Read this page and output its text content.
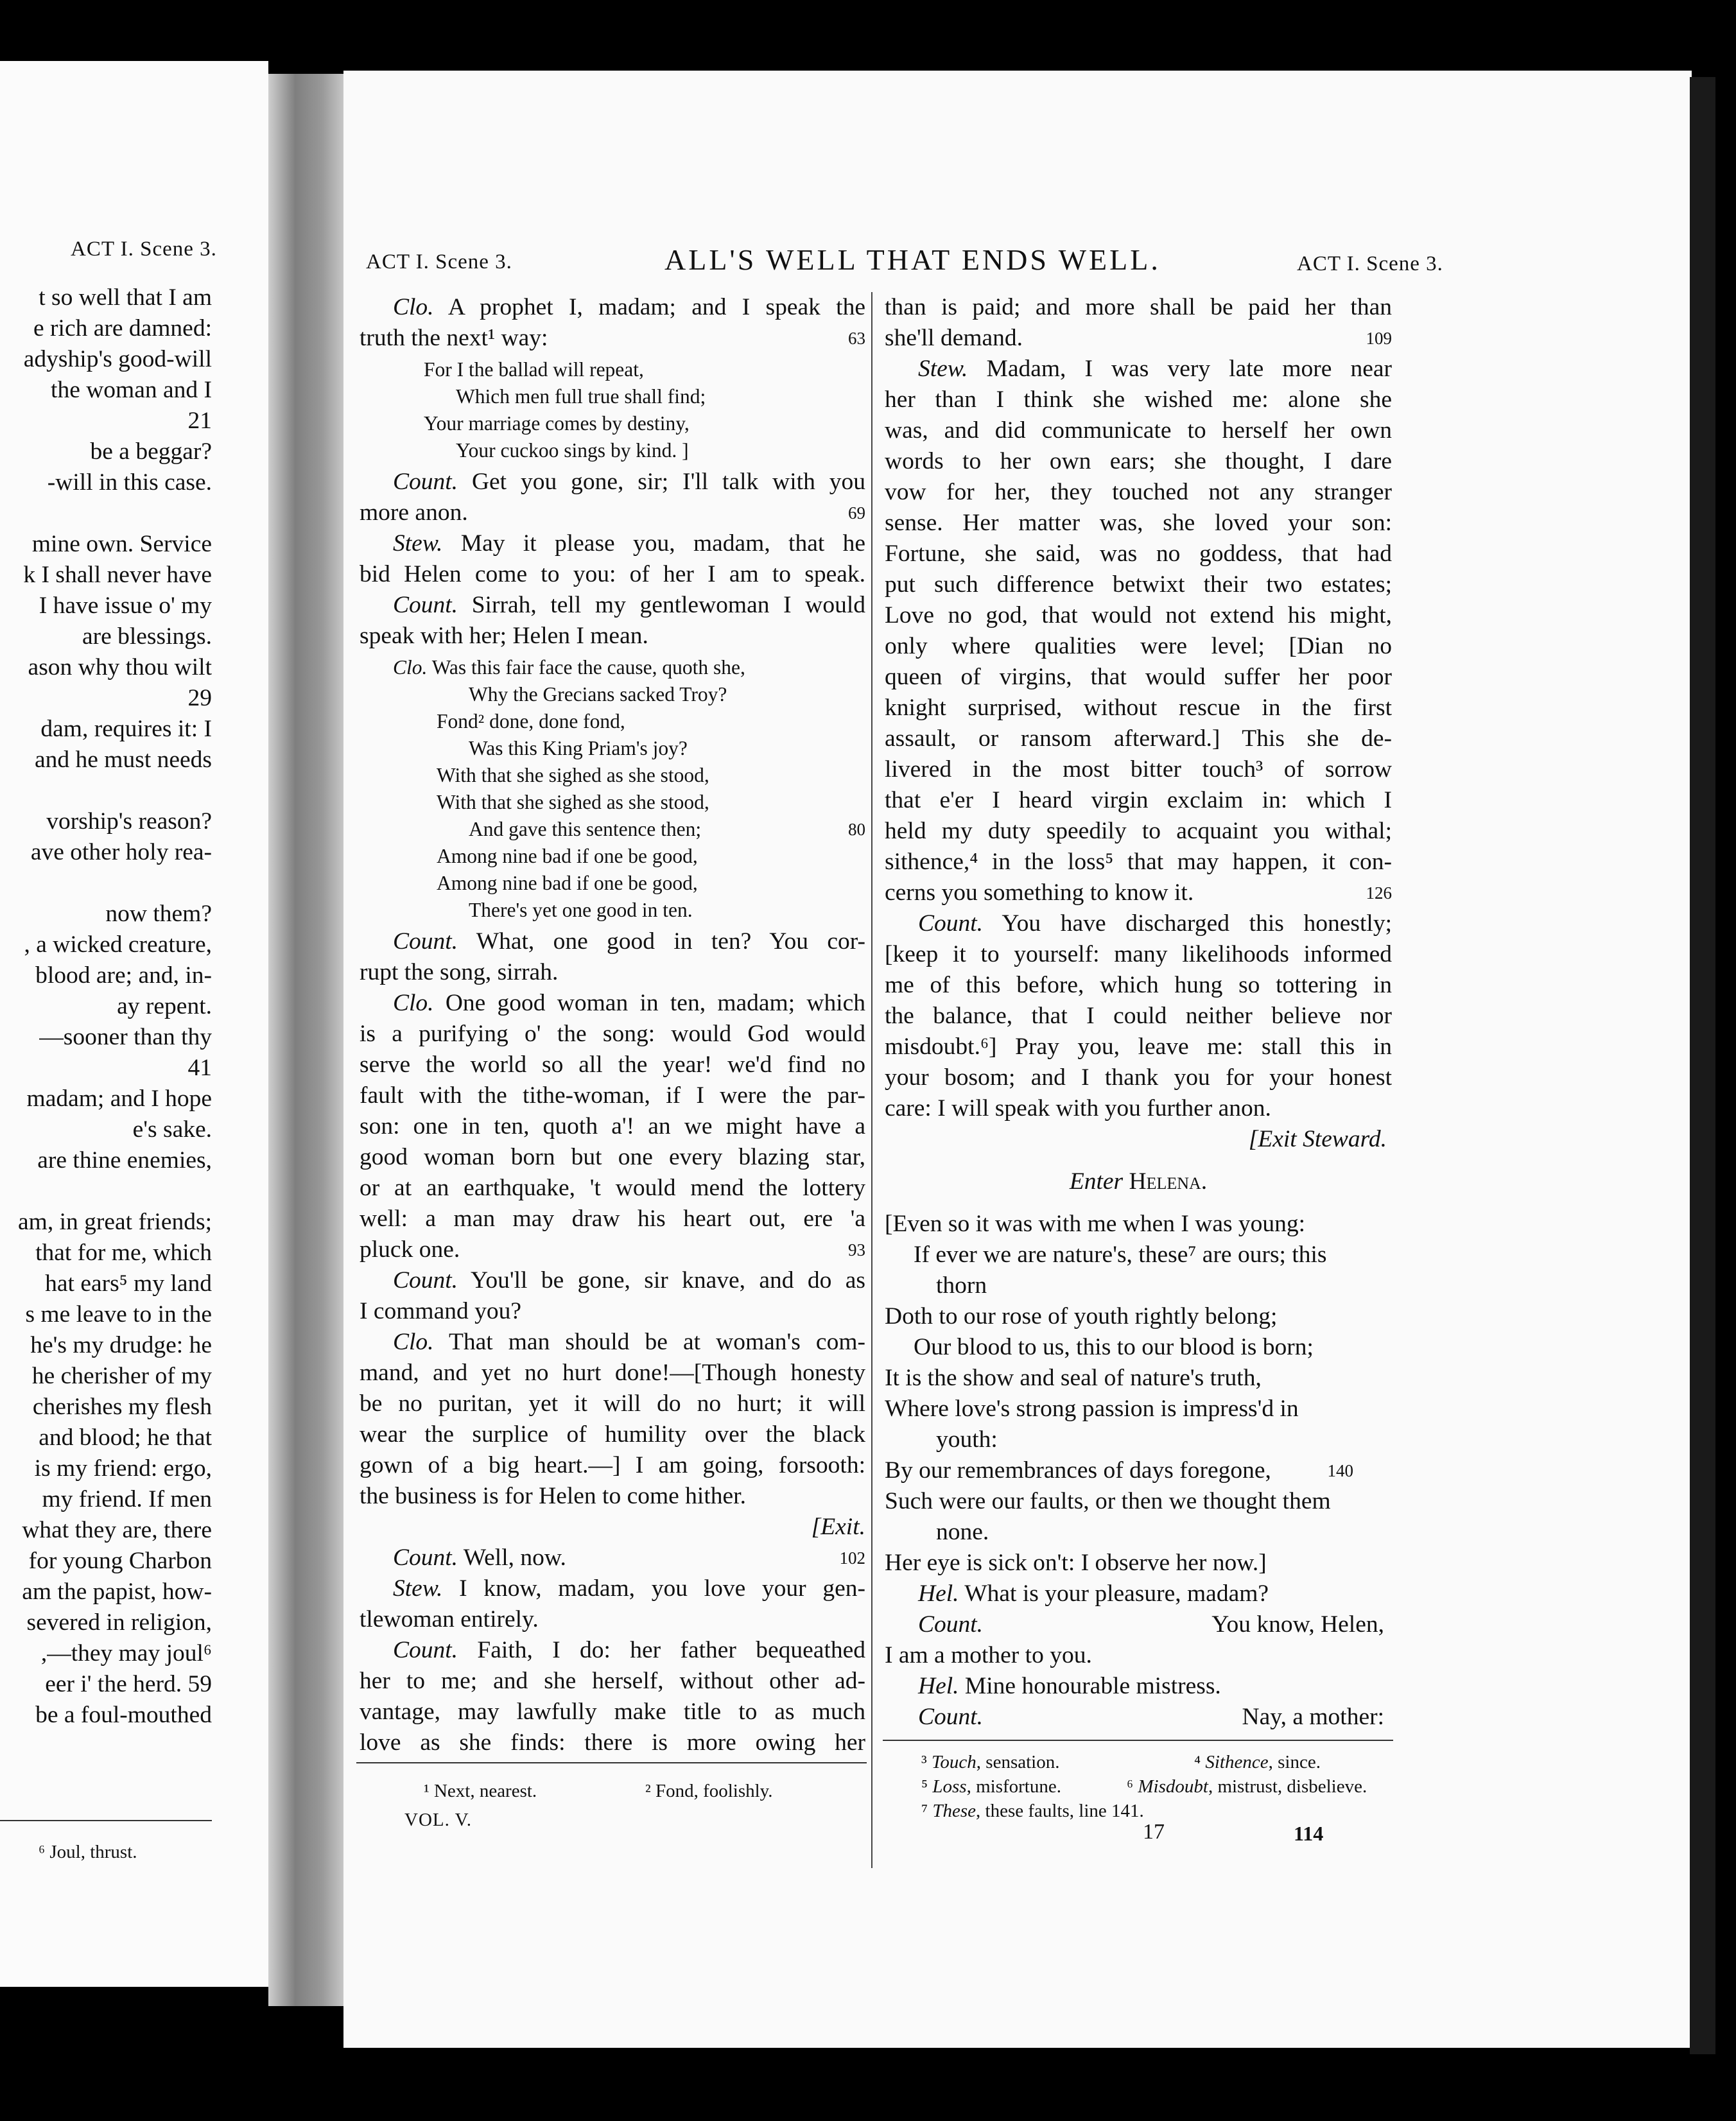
ACT I. Scene 3.

t so well that I am

e rich are damned:

adyship's good-will

the woman and I

21

be a beggar?

-will in this case.

mine own. Service

k I shall never have

I have issue o' my

are blessings.

ason why thou wilt

29

dam, requires it: I

and he must needs

vorship's reason?

ave other holy rea-

now them?

, a wicked creature,

blood are; and, in-

ay repent.

—sooner than thy

41

madam; and I hope

e's sake.

are thine enemies,

am, in great friends;

that for me, which

hat ears⁵ my land

s me leave to in the

he's my drudge: he

he cherisher of my

cherishes my flesh

and blood; he that

is my friend: ergo,

my friend. If men

what they are, there

for young Charbon

am the papist, how-

severed in religion,

,—they may joul⁶

eer i' the herd. 59

be a foul-mouthed

⁶ Joul, thrust.
ACT I. Scene 3.	ALL'S WELL THAT ENDS WELL.	ACT I. Scene 3.

Clo. A prophet I, madam; and I speak the

truth the next¹ way:	63

For I the ballad will repeat,

Which men full true shall find;

Your marriage comes by destiny,

Your cuckoo sings by kind. ]

Count. Get you gone, sir; I'll talk with you

more anon.	69

Stew. May it please you, madam, that he

bid Helen come to you: of her I am to speak.

Count. Sirrah, tell my gentlewoman I would

speak with her; Helen I mean.

Clo. Was this fair face the cause, quoth she,

Why the Grecians sacked Troy?

Fond² done, done fond,

Was this King Priam's joy?

With that she sighed as she stood,

With that she sighed as she stood,

And gave this sentence then;	80

Among nine bad if one be good,

Among nine bad if one be good,

There's yet one good in ten.

Count. What, one good in ten? You cor-

rupt the song, sirrah.

Clo. One good woman in ten, madam; which

is a purifying o' the song: would God would

serve the world so all the year! we'd find no

fault with the tithe-woman, if I were the par-

son: one in ten, quoth a'! an we might have a

good woman born but one every blazing star,

or at an earthquake, 't would mend the lottery

well: a man may draw his heart out, ere 'a

pluck one.	93

Count. You'll be gone, sir knave, and do as

I command you?

Clo. That man should be at woman's com-

mand, and yet no hurt done!—[Though honesty

be no puritan, yet it will do no hurt; it will

wear the surplice of humility over the black

gown of a big heart.—] I am going, forsooth:

the business is for Helen to come hither.

[Exit.

Count. Well, now.	102

Stew. I know, madam, you love your gen-

tlewoman entirely.

Count. Faith, I do: her father bequeathed

her to me; and she herself, without other ad-

vantage, may lawfully make title to as much

love as she finds: there is more owing her

¹ Next, nearest.	² Fond, foolishly.
VOL. V.

than is paid; and more shall be paid her than

she'll demand.	109

Stew. Madam, I was very late more near

her than I think she wished me: alone she

was, and did communicate to herself her own

words to her own ears; she thought, I dare

vow for her, they touched not any stranger

sense. Her matter was, she loved your son:

Fortune, she said, was no goddess, that had

put such difference betwixt their two estates;

Love no god, that would not extend his might,

only where qualities were level; [Dian no

queen of virgins, that would suffer her poor

knight surprised, without rescue in the first

assault, or ransom afterward.] This she de-

livered in the most bitter touch³ of sorrow

that e'er I heard virgin exclaim in: which I

held my duty speedily to acquaint you withal;

sithence,⁴ in the loss⁵ that may happen, it con-

cerns you something to know it.	126

Count. You have discharged this honestly;

[keep it to yourself: many likelihoods informed

me of this before, which hung so tottering in

the balance, that I could neither believe nor

misdoubt.⁶] Pray you, leave me: stall this in

your bosom; and I thank you for your honest

care: I will speak with you further anon.

[Exit Steward.

Enter Helena.

[Even so it was with me when I was young:

If ever we are nature's, these⁷ are ours; this

thorn

Doth to our rose of youth rightly belong;

Our blood to us, this to our blood is born;

It is the show and seal of nature's truth,

Where love's strong passion is impress'd in

youth:

By our remembrances of days foregone,	140

Such were our faults, or then we thought them

none.

Her eye is sick on't: I observe her now.]

Hel. What is your pleasure, madam?

Count.	You know, Helen,

I am a mother to you.

Hel. Mine honourable mistress.

Count.	Nay, a mother:

³ Touch, sensation.	⁴ Sithence, since.
⁵ Loss, misfortune.	⁶ Misdoubt, mistrust, disbelieve.
⁷ These, these faults, line 141.
17	114
